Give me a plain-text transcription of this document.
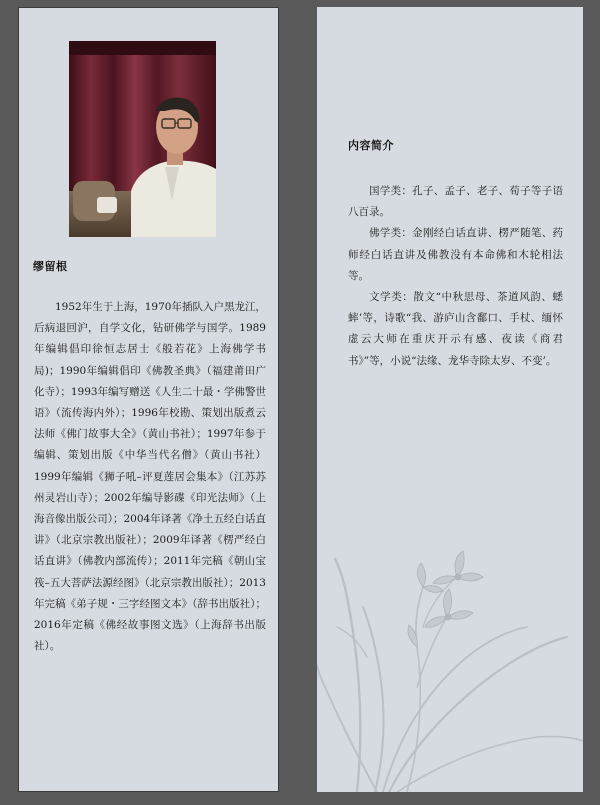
缪留根

1952年生于上海，1970年插队入户黑龙江，后病退回沪，自学文化，钻研佛学与国学。1989年编辑倡印徐恒志居士《般若花》上海佛学书局)；1990年编辑倡印《佛教圣典》（福建莆田广化寺）；1993年编写赠送《人生二十最・学佛警世语》（流传海内外）；1996年校勘、策划出版煮云法师《佛门故事大全》（黄山书社）；1997年参于编辑、策划出版《中华当代名僧》（黄山书社）1999年编辑《狮子吼–评夏莲居会集本》（江苏苏州灵岩山寺）；2002年编导影碟《印光法师》（上海音像出版公司）；2004年译著《净土五经白话直讲》（北京宗教出版社）；2009年译著《楞严经白话直讲》（佛教内部流传）；2011年完稿《朝山宝筏–五大菩萨法源经图》（北京宗教出版社）；2013年完稿《弟子规・三字经图文本》（辞书出版社）；2016年定稿《佛经故事图文选》（上海辞书出版社）。

内容简介

国学类：孔子、孟子、老子、荀子等子语八百录。

佛学类：金刚经白话直讲、楞严随笔、药师经白话直讲及佛教没有本命佛和木轮相法等。

文学类：散文“中秋思母、茶道风韵、蟋蟀’等，诗歌“我、游庐山含鄱口、手杖、缅怀虚云大师在重庆开示有感、夜读《商君书》”等，小说“法缘、龙华寺除太岁、不变’。
